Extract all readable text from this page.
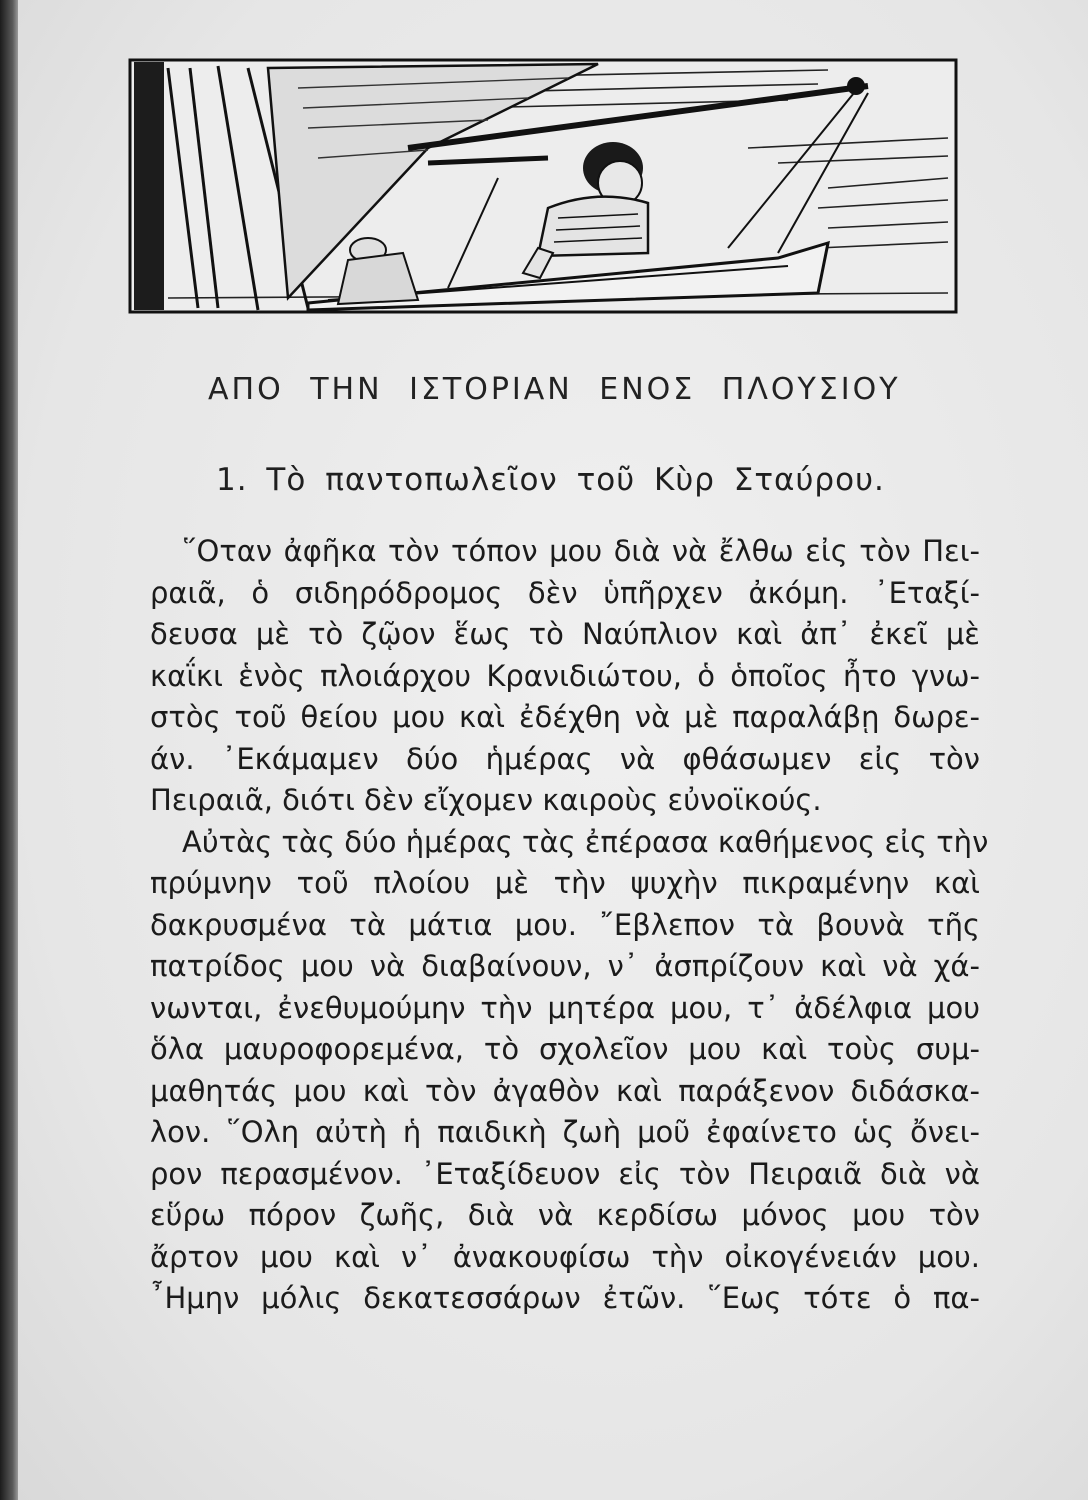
ΑΠΟ ΤΗΝ ΙΣΤΟΡΙΑΝ ΕΝΟΣ ΠΛΟΥΣΙΟΥ
1. Τὸ παντοπωλεῖον τοῦ Κὺρ Σταύρου.
῞Οταν ἀφῆκα τὸν τόπον μου διὰ νὰ ἔλθω εἰς τὸν Πει-
ραιᾶ, ὁ σιδηρόδρομος δὲν ὑπῆρχεν ἀκόμη. ᾿Εταξί-
δευσα μὲ τὸ ζῷον ἕως τὸ Ναύπλιον καὶ ἀπ᾿ ἐκεῖ μὲ
καΐκι ἑνὸς πλοιάρχου Κρανιδιώτου, ὁ ὁποῖος ἦτο γνω-
στὸς τοῦ θείου μου καὶ ἐδέχθη νὰ μὲ παραλάβῃ δωρε-
άν. ᾿Εκάμαμεν δύο ἡμέρας νὰ φθάσωμεν εἰς τὸν
Πειραιᾶ, διότι δὲν εἴχομεν καιροὺς εὐνοϊκούς.
Αὐτὰς τὰς δύο ἡμέρας τὰς ἐπέρασα καθήμενος εἰς τὴν
πρύμνην τοῦ πλοίου μὲ τὴν ψυχὴν πικραμένην καὶ
δακρυσμένα τὰ μάτια μου. ῎Εβλεπον τὰ βουνὰ τῆς
πατρίδος μου νὰ διαβαίνουν, ν᾿ ἀσπρίζουν καὶ νὰ χά-
νωνται, ἐνεθυμούμην τὴν μητέρα μου, τ᾿ ἀδέλφια μου
ὅλα μαυροφορεμένα, τὸ σχολεῖον μου καὶ τοὺς συμ-
μαθητάς μου καὶ τὸν ἀγαθὸν καὶ παράξενον διδάσκα-
λον. ῞Ολη αὐτὴ ἡ παιδικὴ ζωὴ μοῦ ἐφαίνετο ὡς ὄνει-
ρον περασμένον. ᾿Εταξίδευον εἰς τὸν Πειραιᾶ διὰ νὰ
εὕρω πόρον ζωῆς, διὰ νὰ κερδίσω μόνος μου τὸν
ἄρτον μου καὶ ν᾿ ἀνακουφίσω τὴν οἰκογένειάν μου.
῏Ημην μόλις δεκατεσσάρων ἐτῶν. ῞Εως τότε ὁ πα-
